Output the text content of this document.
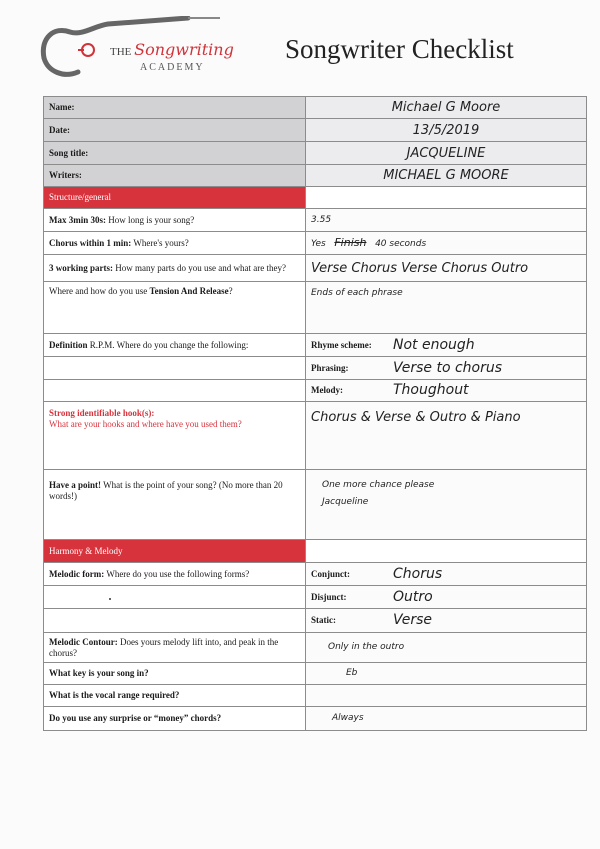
THE Songwriting
ACADEMY
Songwriter Checklist
Name:	Michael G Moore
Date:	13/5/2019
Song title:	JACQUELINE
Writers:	MICHAEL G MOORE
Structure/general	
Max 3min 30s: How long is your song?	3.55
Chorus within 1 min: Where's yours?	Yes Finish 40 seconds
3 working parts: How many parts do you use and what are they?	Verse Chorus Verse Chorus Outro
Where and how do you use Tension And Release?	Ends of each phrase
Definition R.P.M. Where do you change the following:	Rhyme scheme: Not enough

	Phrasing: Verse to chorus

	Melody: Thoughout

Strong identifiable hook(s):
What are your hooks and where have you used them?	Chorus & Verse & Outro & Piano
Have a point! What is the point of your song? (No more than 20 words!)	One more chance please
Jacqueline

Harmony & Melody	
Melodic form: Where do you use the following forms?	Conjunct: Chorus

	Disjunct: Outro

	Static: Verse

Melodic Contour: Does yours melody lift into, and peak in the chorus?	Only in the outro
What key is your song in?	Eb
What is the vocal range required?	
Do you use any surprise or “money” chords?	Always
